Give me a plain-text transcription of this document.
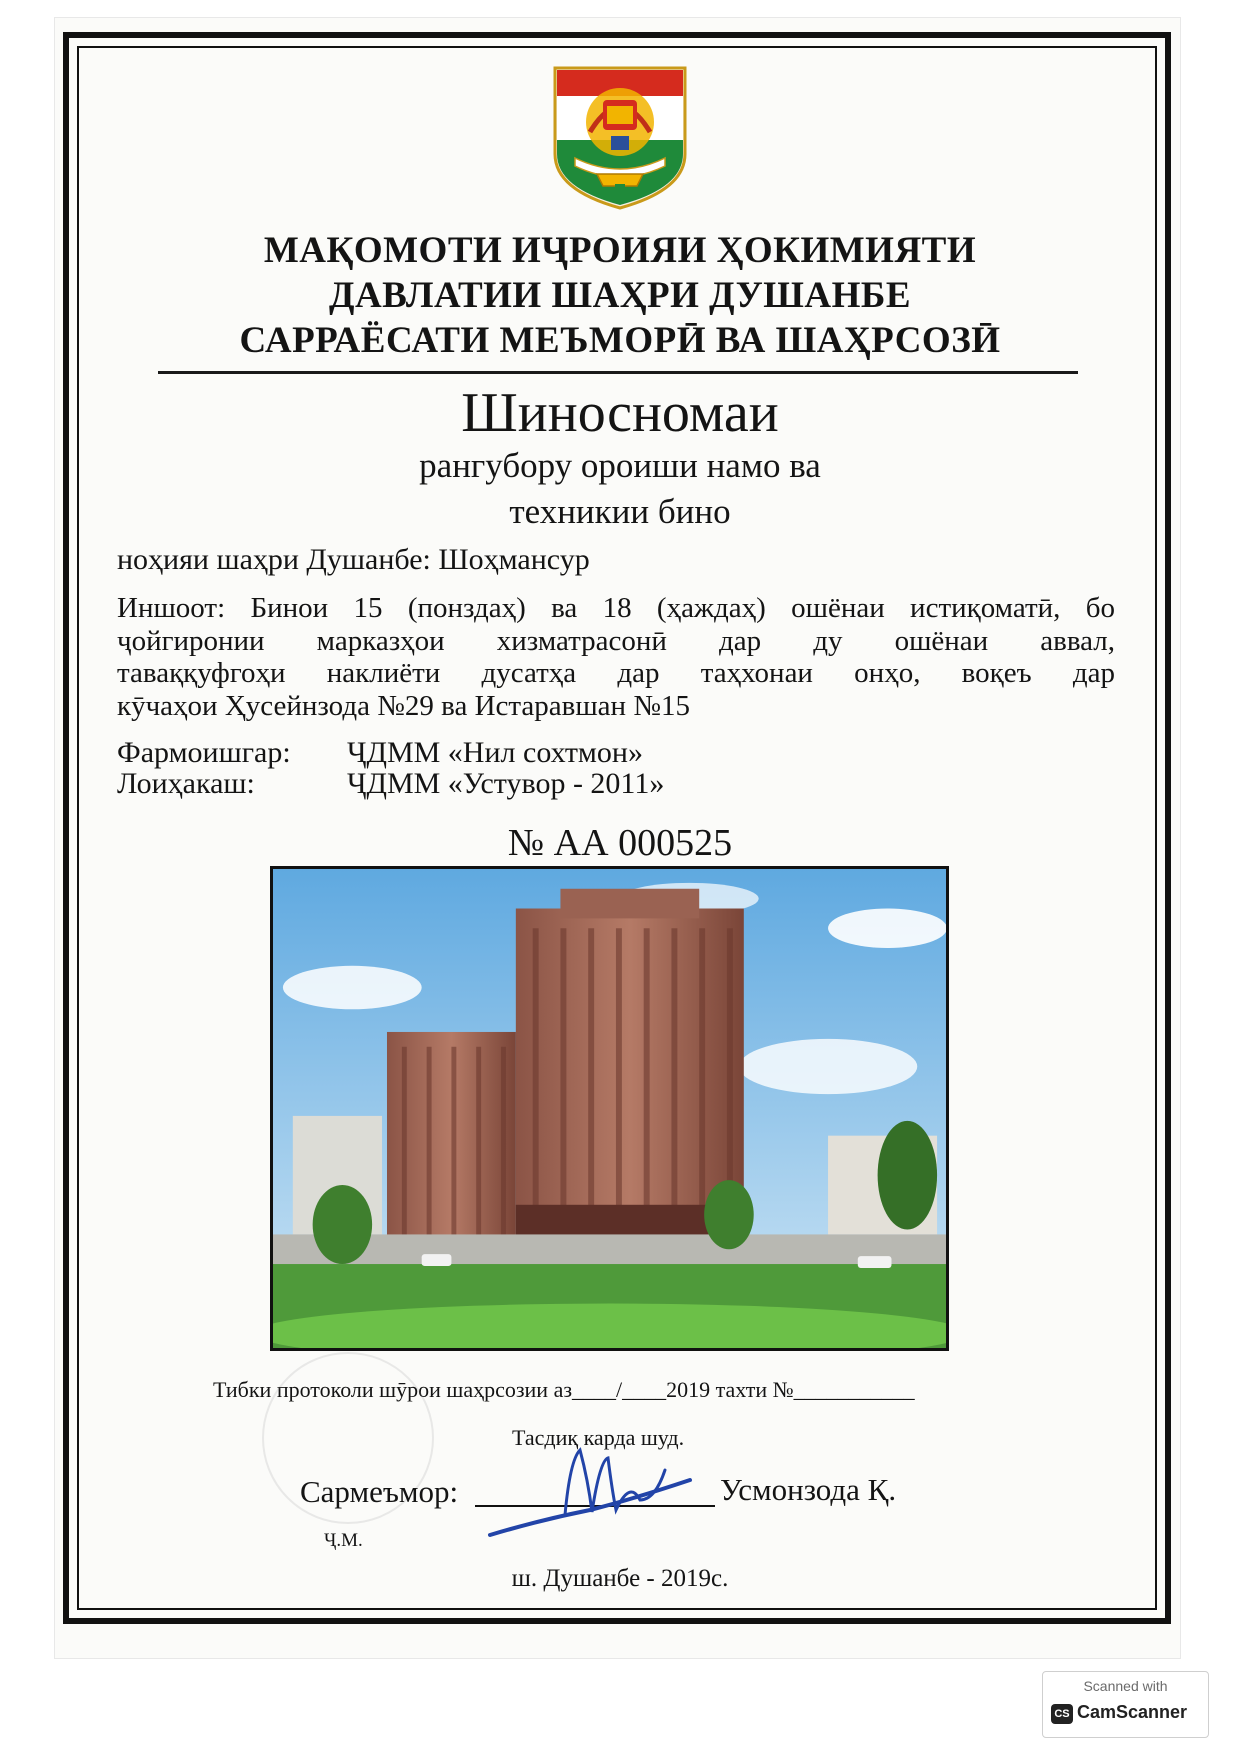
МАҚОМОТИ ИҶРОИЯИ ҲОКИМИЯТИ
ДАВЛАТИИ ШАҲРИ ДУШАНБЕ
САРРАЁСАТИ МЕЪМОРӢ ВА ШАҲРСОЗӢ
Шиносномаи
рангубору ороиши намо ва
техникии бино
ноҳияи шаҳри Душанбе: Шоҳмансур
Иншоот: Бинои 15 (понздаҳ) ва 18 (ҳаждаҳ) ошёнаи истиқоматӣ, бо
ҷойгиронии марказҳои хизматрасонӣ дар ду ошёнаи аввал,
таваққуфгоҳи наклиёти дусатҳа дар таҳхонаи онҳо, воқеъ дар
кӯчаҳои Ҳусейнзода №29 ва Истаравшан №15
Фармоишгар: ҶДММ «Нил сохтмон»
Лоиҳакаш:	ҶДММ «Устувор - 2011»
№ АА 000525
Тибки протоколи шӯрои шаҳрсозии аз____/____2019 тахти №___________
Тасдиқ карда шуд.
Сармеъмор:	Усмонзода Қ.
Ҷ.М.
ш. Душанбе - 2019с.
Scanned with
CS CamScanner
